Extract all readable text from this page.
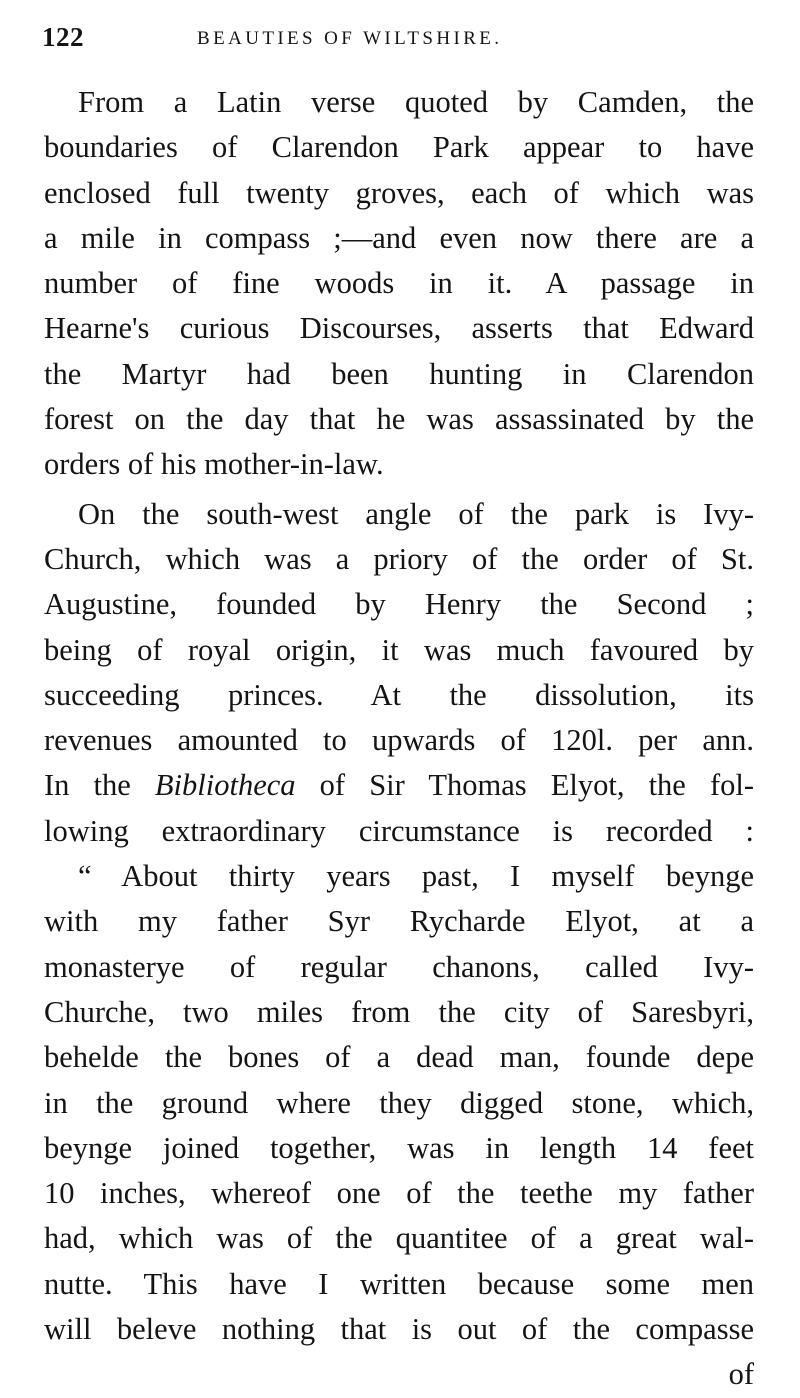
122	BEAUTIES OF WILTSHIRE.
From a Latin verse quoted by Camden, the
boundaries of Clarendon Park appear to have
enclosed full twenty groves, each of which was
a mile in compass ;—and even now there are a
number of fine woods in it. A passage in
Hearne's curious Discourses, asserts that Edward
the Martyr had been hunting in Clarendon
forest on the day that he was assassinated by the
orders of his mother-in-law.
On the south-west angle of the park is Ivy-
Church, which was a priory of the order of St.
Augustine, founded by Henry the Second ;
being of royal origin, it was much favoured by
succeeding princes. At the dissolution, its
revenues amounted to upwards of 120l. per ann.
In the Bibliotheca of Sir Thomas Elyot, the fol-
lowing extraordinary circumstance is recorded :
“ About thirty years past, I myself beynge
with my father Syr Rycharde Elyot, at a
monasterye of regular chanons, called Ivy-
Churche, two miles from the city of Saresbyri,
behelde the bones of a dead man, founde depe
in the ground where they digged stone, which,
beynge joined together, was in length 14 feet
10 inches, whereof one of the teethe my father
had, which was of the quantitee of a great wal-
nutte. This have I written because some men
will beleve nothing that is out of the compasse
of
